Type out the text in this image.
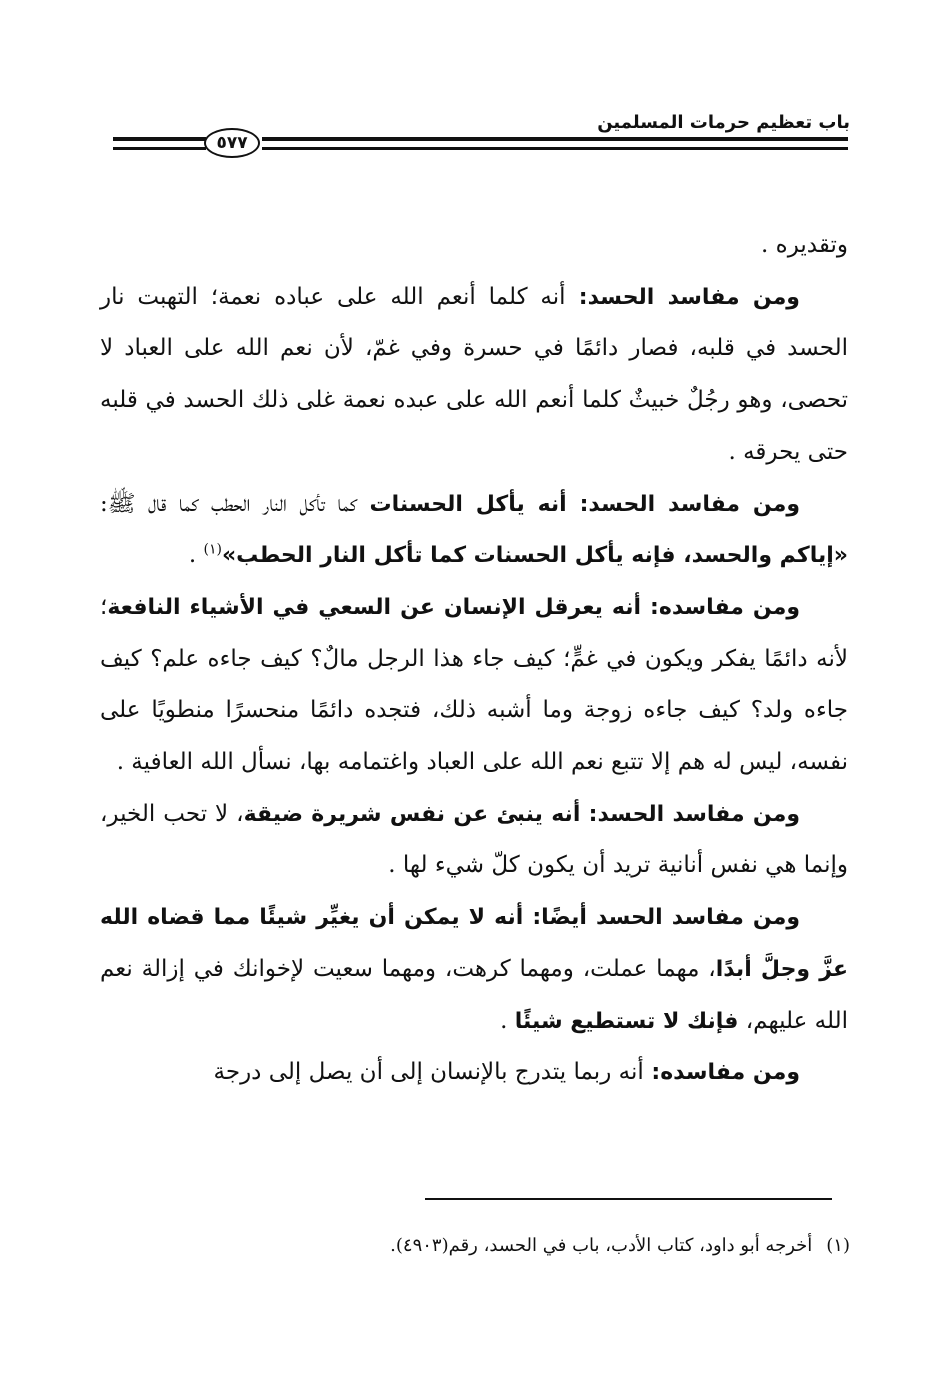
باب تعظيم حرمات المسلمين
٥٧٧

وتقديره .

ومن مفاسد الحسد: أنه كلما أنعم الله على عباده نعمة؛ التهبت نار الحسد في قلبه، فصار دائمًا في حسرة وفي غمّ، لأن نعم الله على العباد لا تحصى، وهو رجُلٌ خبيثٌ كلما أنعم الله على عبده نعمة غلى ذلك الحسد في قلبه حتى يحرقه .

ومن مفاسد الحسد: أنه يأكل الحسنات كما تأكل النار الحطب كما قال ﷺ: «إياكم والحسد، فإنه يأكل الحسنات كما تأكل النار الحطب»$^{(١)}$ .

ومن مفاسده: أنه يعرقل الإنسان عن السعي في الأشياء النافعة؛ لأنه دائمًا يفكر ويكون في غمٍّ؛ كيف جاء هذا الرجل مالٌ؟ كيف جاءه علم؟ كيف جاءه ولد؟ كيف جاءه زوجة وما أشبه ذلك، فتجده دائمًا منحسرًا منطويًا على نفسه، ليس له هم إلا تتبع نعم الله على العباد واغتمامه بها، نسأل الله العافية .

ومن مفاسد الحسد: أنه ينبئ عن نفس شريرة ضيقة، لا تحب الخير، وإنما هي نفس أنانية تريد أن يكون كلّ شيء لها .

ومن مفاسد الحسد أيضًا: أنه لا يمكن أن يغيِّر شيئًا مما قضاه الله عزَّ وجلَّ أبدًا، مهما عملت، ومهما كرهت، ومهما سعيت لإخوانك في إزالة نعم الله عليهم، فإنك لا تستطيع شيئًا .

ومن مفاسده: أنه ربما يتدرج بالإنسان إلى أن يصل إلى درجة

(١)أخرجه أبو داود، كتاب الأدب، باب في الحسد، رقم(٤٩٠٣).
